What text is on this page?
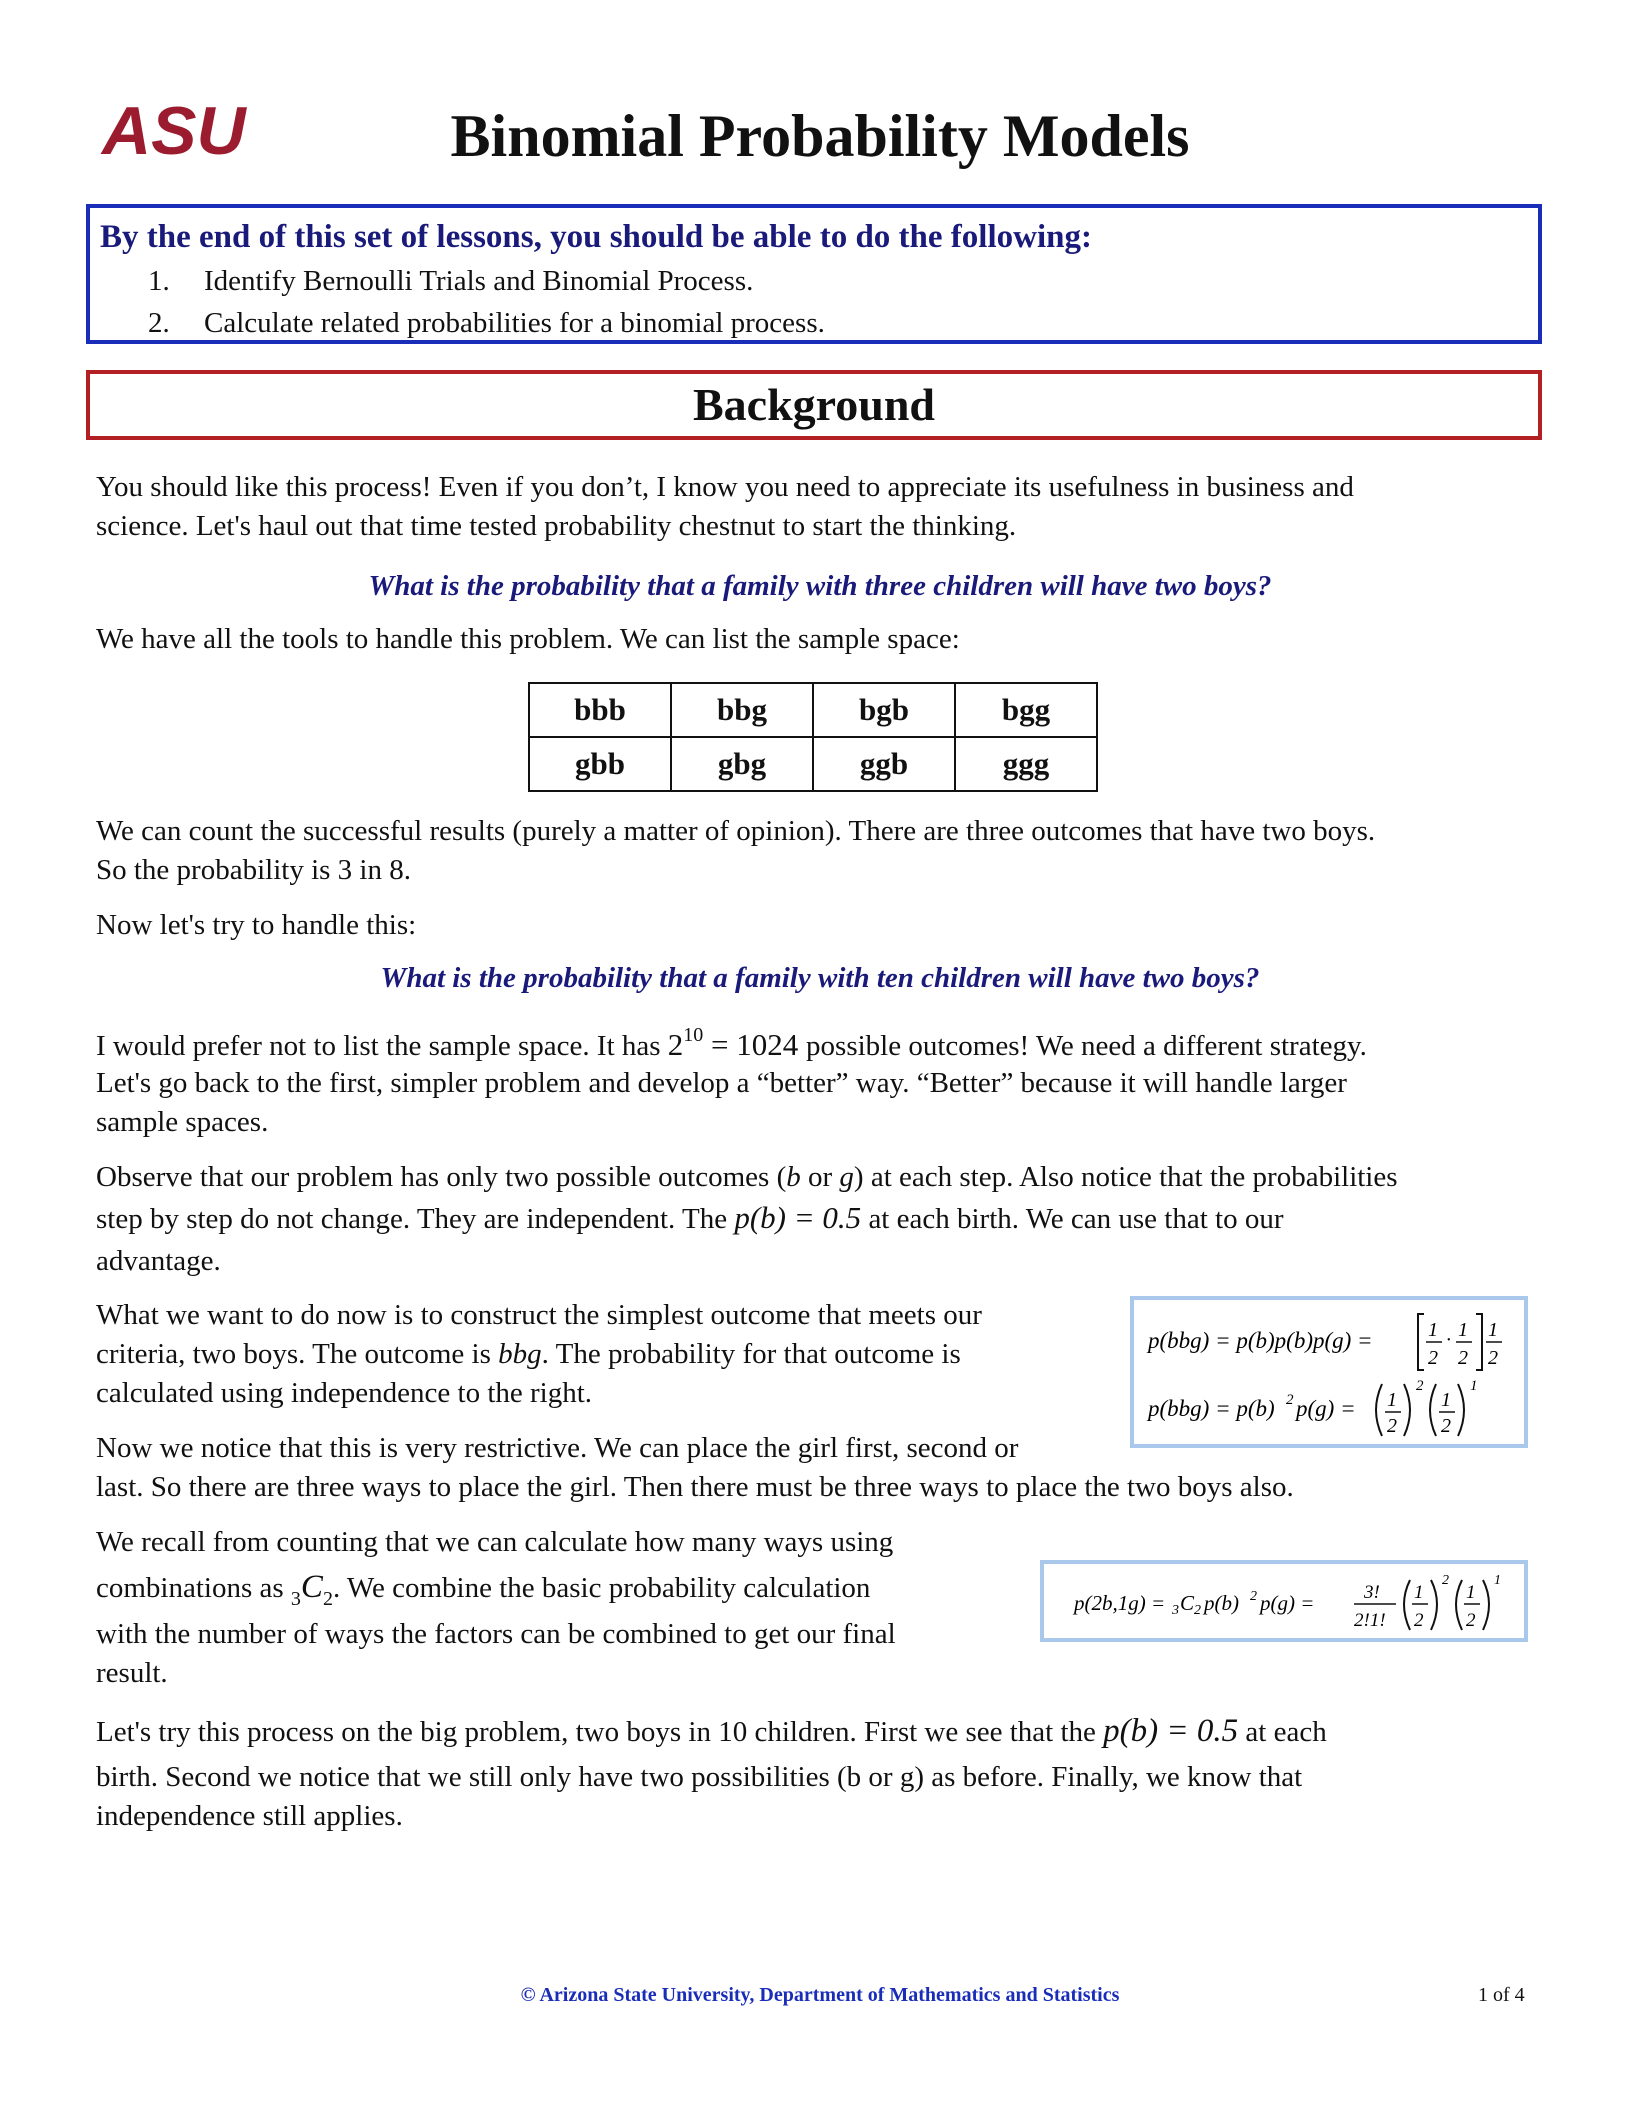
ASU	Binomial Probability Models

By the end of this set of lessons, you should be able to do the following:

1. Identify Bernoulli Trials and Binomial Process.
2. Calculate related probabilities for a binomial process.
Background

You should like this process! Even if you don’t, I know you need to appreciate its usefulness in business and

science. Let's haul out that time tested probability chestnut to start the thinking.

What is the probability that a family with three children will have two boys?

We have all the tools to handle this problem. We can list the sample space:

bbb	bbg	bgb	bgg
gbb	gbg	ggb	ggg

We can count the successful results (purely a matter of opinion). There are three outcomes that have two boys.

So the probability is 3 in 8.

Now let's try to handle this:

What is the probability that a family with ten children will have two boys?

I would prefer not to list the sample space. It has $2^{10} = 1024$ possible outcomes! We need a different strategy.

Let's go back to the first, simpler problem and develop a “better” way. “Better” because it will handle larger

sample spaces.

Observe that our problem has only two possible outcomes (b or g) at each step. Also notice that the probabilities

step by step do not change. They are independent. The p(b) = 0.5 at each birth. We can use that to our

advantage.

What we want to do now is to construct the simplest outcome that meets our

criteria, two boys. The outcome is bbg. The probability for that outcome is

calculated using independence to the right.

p(bbg) = p(b)p(b)p(g) =	1
2
· 1
2
1
2
p(bbg) = p(b) 2 p(g) = 1
2
2
1
2
1

Now we notice that this is very restrictive. We can place the girl first, second or

last. So there are three ways to place the girl. Then there must be three ways to place the two boys also.

We recall from counting that we can calculate how many ways using

combinations as $_3C_2$. We combine the basic probability calculation

with the number of ways the factors can be combined to get our final

result.

p(2b,1g) = 3 C 2 p(b) 2 p(g) =	3!
2!1!
1
2
2
1
2
1

Let's try this process on the big problem, two boys in 10 children. First we see that the p(b) = 0.5 at each

birth. Second we notice that we still only have two possibilities (b or g) as before. Finally, we know that

independence still applies.

© Arizona State University, Department of Mathematics and Statistics	1 of 4
